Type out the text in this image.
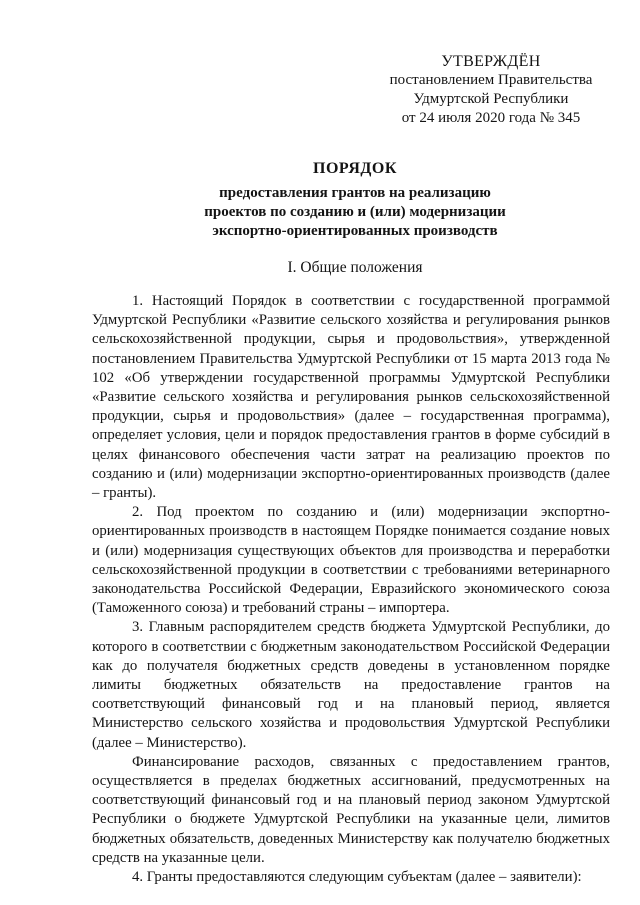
УТВЕРЖДЁН
постановлением Правительства
Удмуртской Республики
от 24 июля 2020 года № 345
ПОРЯДОК
предоставления грантов на реализацию
проектов по созданию и (или) модернизации
экспортно-ориентированных производств
I. Общие положения

1. Настоящий Порядок в соответствии с государственной программой Удмуртской Республики «Развитие сельского хозяйства и регулирования рынков сельскохозяйственной продукции, сырья и продовольствия», утвержденной постановлением Правительства Удмуртской Республики от 15 марта 2013 года № 102 «Об утверждении государственной программы Удмуртской Республики «Развитие сельского хозяйства и регулирования рынков сельскохозяйственной продукции, сырья и продовольствия» (далее – государственная программа), определяет условия, цели и порядок предоставления грантов в форме субсидий в целях финансового обеспечения части затрат на реализацию проектов по созданию и (или) модернизации экспортно-ориентированных производств (далее – гранты).

2. Под проектом по созданию и (или) модернизации экспортно-ориентированных производств в настоящем Порядке понимается создание новых и (или) модернизация существующих объектов для производства и переработки сельскохозяйственной продукции в соответствии с требованиями ветеринарного законодательства Российской Федерации, Евразийского экономического союза (Таможенного союза) и требований страны – импортера.

3. Главным распорядителем средств бюджета Удмуртской Республики, до которого в соответствии с бюджетным законодательством Российской Федерации как до получателя бюджетных средств доведены в установленном порядке лимиты бюджетных обязательств на предоставление грантов на соответствующий финансовый год и на плановый период, является Министерство сельского хозяйства и продовольствия Удмуртской Республики (далее – Министерство).

Финансирование расходов, связанных с предоставлением грантов, осуществляется в пределах бюджетных ассигнований, предусмотренных на соответствующий финансовый год и на плановый период законом Удмуртской Республики о бюджете Удмуртской Республики на указанные цели, лимитов бюджетных обязательств, доведенных Министерству как получателю бюджетных средств на указанные цели.

4. Гранты предоставляются следующим субъектам (далее – заявители):
